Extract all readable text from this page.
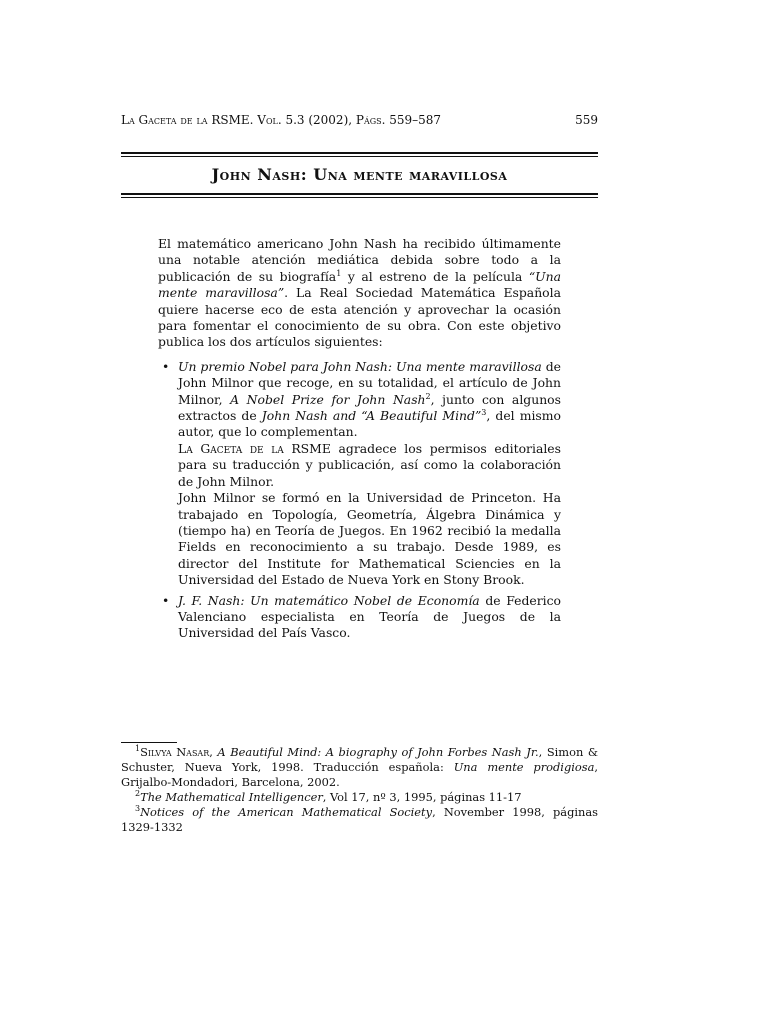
La Gaceta de la RSME. Vol. 5.3 (2002), Págs. 559–587	559
John Nash: Una mente maravillosa

El matemático americano John Nash ha recibido últimamente una notable atención mediática debida sobre todo a la publicación de su biografía$^1$ y al estreno de la película “Una mente maravillosa”. La Real Sociedad Matemática Española quiere hacerse eco de esta atención y aprovechar la ocasión para fomentar el conocimiento de su obra. Con este objetivo publica los dos artículos siguientes:

• Un premio Nobel para John Nash: Una mente maravillosa de John Milnor que recoge, en su totalidad, el artículo de John Milnor, A Nobel Prize for John Nash$^2$, junto con algunos extractos de John Nash and “A Beautiful Mind”$^3$, del mismo autor, que lo complementan.

La Gaceta de la RSME agradece los permisos editoriales para su traducción y publicación, así como la colaboración de John Milnor.

John Milnor se formó en la Universidad de Princeton. Ha trabajado en Topología, Geometría, Álgebra Dinámica y (tiempo ha) en Teoría de Juegos. En 1962 recibió la medalla Fields en reconocimiento a su trabajo. Desde 1989, es director del Institute for Mathematical Sciencies en la Universidad del Estado de Nueva York en Stony Brook.

• J. F. Nash: Un matemático Nobel de Economía de Federico Valenciano especialista en Teoría de Juegos de la Universidad del País Vasco.

$^1$Silvya Nasar, A Beautiful Mind: A biography of John Forbes Nash Jr., Simon & Schuster, Nueva York, 1998. Traducción española: Una mente prodigiosa, Grijalbo-Mondadori, Barcelona, 2002.

$^2$The Mathematical Intelligencer, Vol 17, nº 3, 1995, páginas 11-17

$^3$Notices of the American Mathematical Society, November 1998, páginas 1329-1332
